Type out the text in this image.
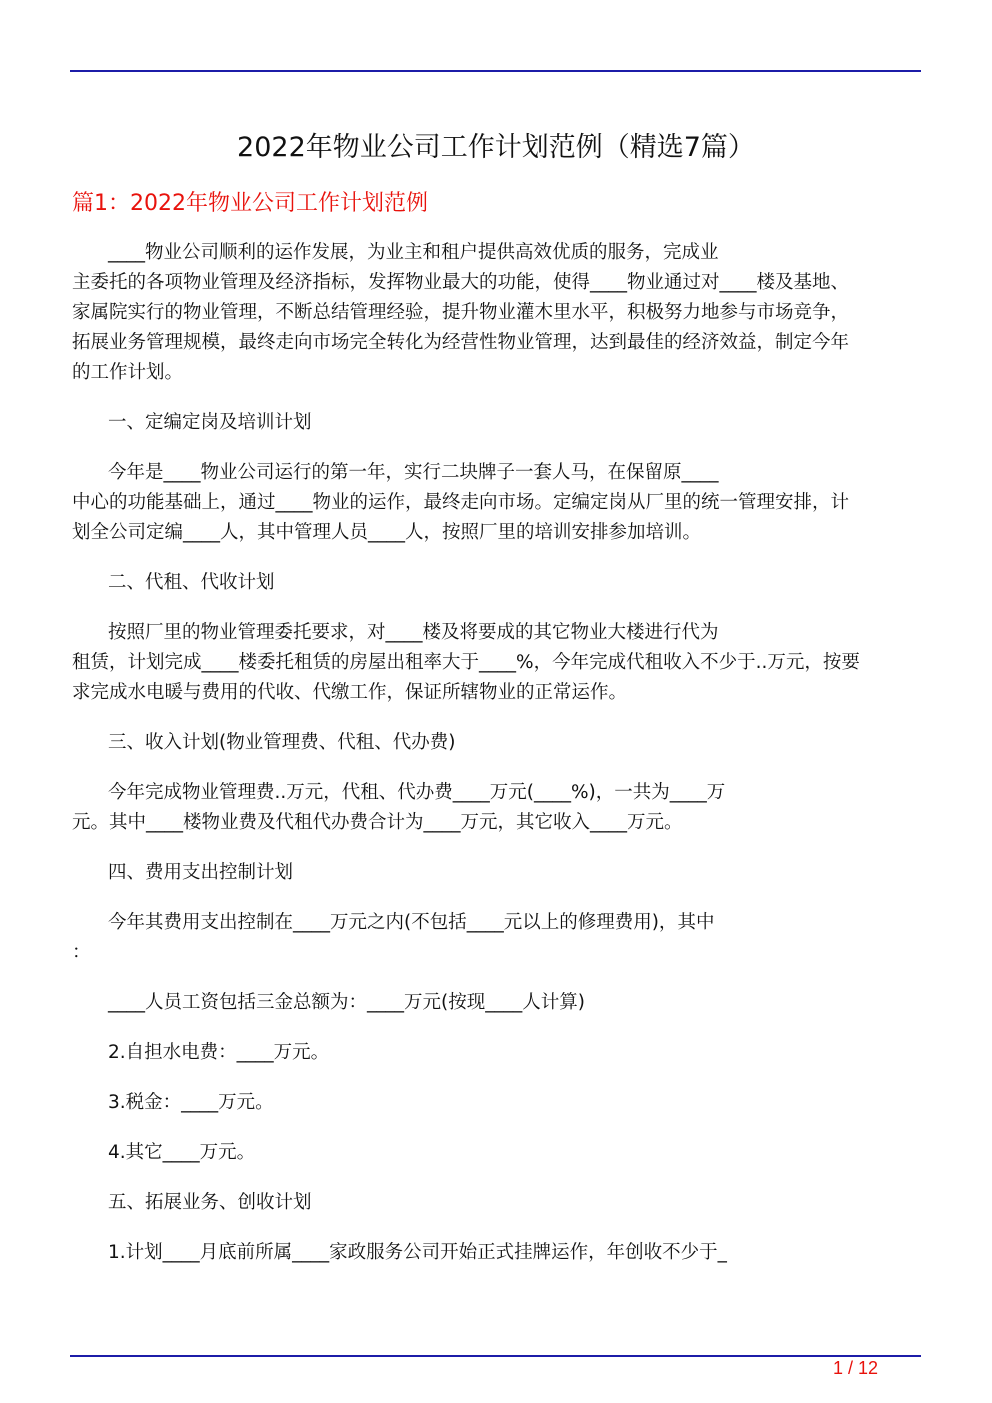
2022年物业公司工作计划范例（精选7篇）
篇1：2022年物业公司工作计划范例
____物业公司顺利的运作发展，为业主和租户提供高效优质的服务，完成业
主委托的各项物业管理及经济指标，发挥物业最大的功能，使得____物业通过对____楼及基地、
家属院实行的物业管理，不断总结管理经验，提升物业灌木里水平，积极努力地参与市场竞争，
拓展业务管理规模，最终走向市场完全转化为经营性物业管理，达到最佳的经济效益，制定今年
的工作计划。
一、定编定岗及培训计划
今年是____物业公司运行的第一年，实行二块牌子一套人马，在保留原____
中心的功能基础上，通过____物业的运作，最终走向市场。定编定岗从厂里的统一管理安排，计
划全公司定编____人，其中管理人员____人，按照厂里的培训安排参加培训。
二、代租、代收计划
按照厂里的物业管理委托要求，对____楼及将要成的其它物业大楼进行代为
租赁，计划完成____楼委托租赁的房屋出租率大于____%，今年完成代租收入不少于..万元，按要
求完成水电暖与费用的代收、代缴工作，保证所辖物业的正常运作。
三、收入计划(物业管理费、代租、代办费)
今年完成物业管理费..万元，代租、代办费____万元(____%)，一共为____万
元。其中____楼物业费及代租代办费合计为____万元，其它收入____万元。
四、费用支出控制计划
今年其费用支出控制在____万元之内(不包括____元以上的修理费用)，其中
：
____人员工资包括三金总额为：____万元(按现____人计算)
2.自担水电费：____万元。
3.税金：____万元。
4.其它____万元。
五、拓展业务、创收计划
1.计划____月底前所属____家政服务公司开始正式挂牌运作，年创收不少于_
1 / 12
